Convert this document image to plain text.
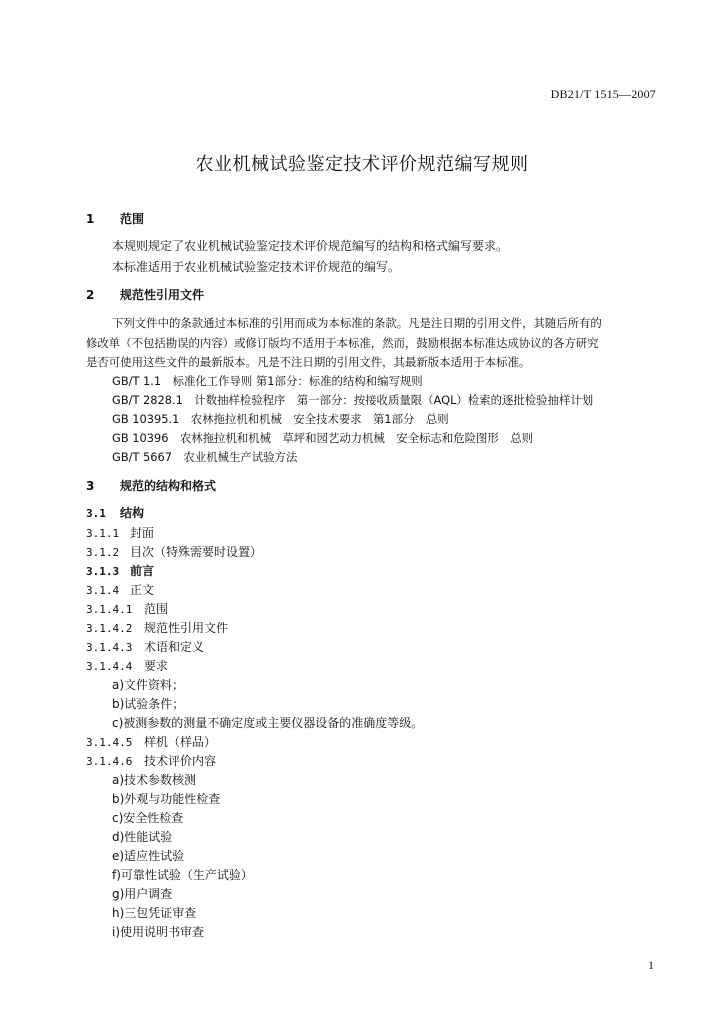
DB21/T 1515—2007
农业机械试验鉴定技术评价规范编写规则
1 范围
本规则规定了农业机械试验鉴定技术评价规范编写的结构和格式编写要求。
本标准适用于农业机械试验鉴定技术评价规范的编写。
2 规范性引用文件
下列文件中的条款通过本标准的引用而成为本标准的条款。凡是注日期的引用文件，其随后所有的
修改单（不包括勘误的内容）或修订版均不适用于本标准，然而，鼓励根据本标准达成协议的各方研究
是否可使用这些文件的最新版本。凡是不注日期的引用文件，其最新版本适用于本标准。
GB/T 1.1　标准化工作导则 第1部分：标准的结构和编写规则
GB/T 2828.1　计数抽样检验程序　第一部分：按接收质量限（AQL）检索的逐批检验抽样计划
GB 10395.1　农林拖拉机和机械　安全技术要求　第1部分　总则
GB 10396　农林拖拉机和机械　草坪和园艺动力机械　安全标志和危险图形　总则
GB/T 5667　农业机械生产试验方法
3 规范的结构和格式
3.1 结构
3.1.1 封面
3.1.2 目次（特殊需要时设置）
3.1.3 前言
3.1.4 正文
3.1.4.1 范围
3.1.4.2 规范性引用文件
3.1.4.3 术语和定义
3.1.4.4 要求
a)文件资料；
b)试验条件；
c)被测参数的测量不确定度或主要仪器设备的准确度等级。
3.1.4.5 样机（样品）
3.1.4.6 技术评价内容
a)技术参数核测
b)外观与功能性检查
c)安全性检查
d)性能试验
e)适应性试验
f)可靠性试验（生产试验）
g)用户调查
h)三包凭证审查
i)使用说明书审查
1
